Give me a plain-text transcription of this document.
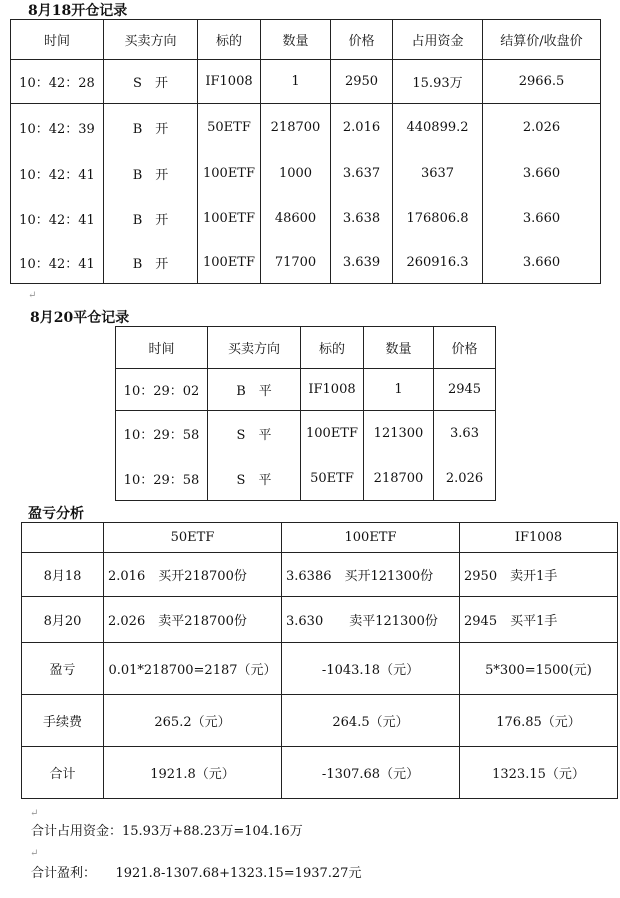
8月18开仓记录
时间	买卖方向	标的	数量	价格	占用资金	结算价/收盘价
10：42：28	S　开	IF1008	1	2950	15.93万	2966.5
10：42：39	B　开	50ETF	218700	2.016	440899.2	2.026
10：42：41	B　开	100ETF	1000	3.637	3637	3.660
10：42：41	B　开	100ETF	48600	3.638	176806.8	3.660
10：42：41	B　开	100ETF	71700	3.639	260916.3	3.660
8月20平仓记录
时间	买卖方向	标的	数量	价格
10：29：02	B　平	IF1008	1	2945
10：29：58	S　平	100ETF	121300	3.63
10：29：58	S　平	50ETF	218700	2.026
盈亏分析
	50ETF	100ETF	IF1008
8月18	2.016　买开218700份	3.6386　买开121300份	2950　卖开1手
8月20	2.026　卖平218700份	3.630　　卖平121300份	2945　买平1手
盈亏	0.01*218700=2187（元）	-1043.18（元）	5*300=1500(元)
手续费	265.2（元）	264.5（元）	176.85（元）
合计	1921.8（元）	-1307.68（元）	1323.15（元）
↵
↵
↵
合计占用资金：15.93万+88.23万=104.16万
合计盈利：　　1921.8-1307.68+1323.15=1937.27元
